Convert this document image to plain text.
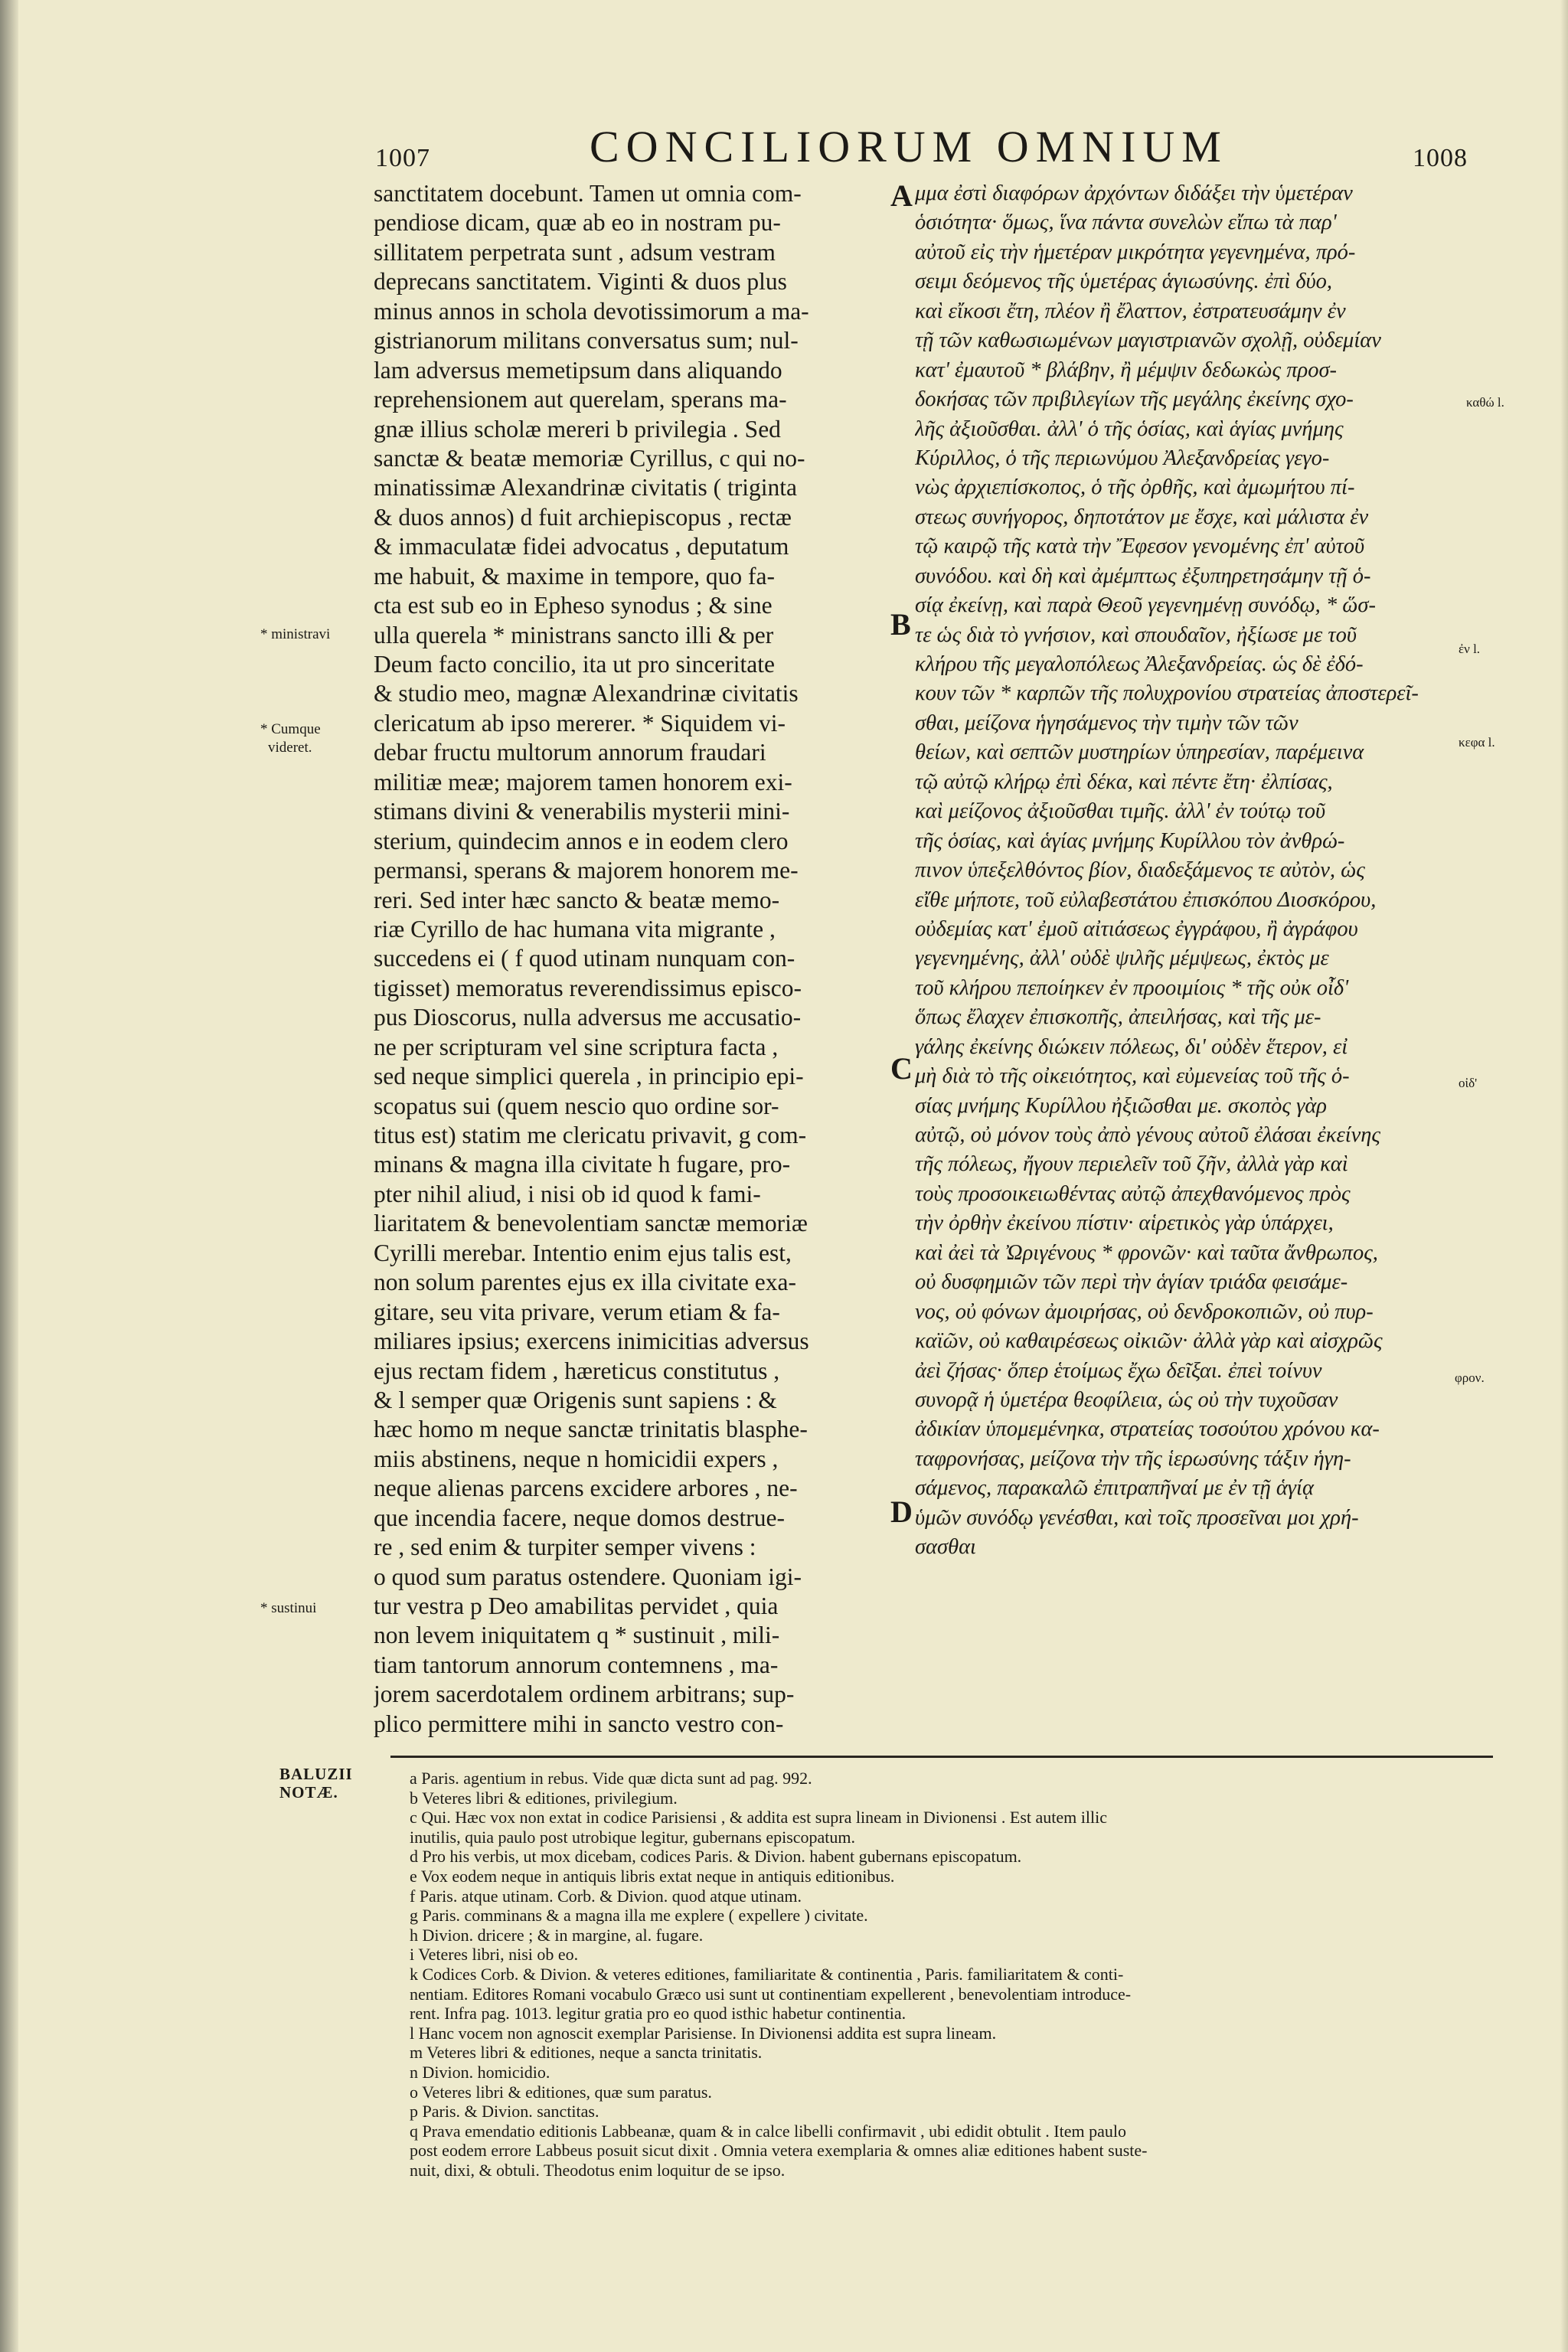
1007	CONCILIORUM OMNIUM	1008
sanctitatem docebunt. Tamen ut omnia com-
pendiose dicam, quæ ab eo in nostram pu-
sillitatem perpetrata sunt , adsum vestram
deprecans sanctitatem. Viginti & duos plus
minus annos in schola devotissimorum a ma-
gistrianorum militans conversatus sum; nul-
lam adversus memetipsum dans aliquando
reprehensionem aut querelam, sperans ma-
gnæ illius scholæ mereri b privilegia . Sed
sanctæ & beatæ memoriæ Cyrillus, c qui no-
minatissimæ Alexandrinæ civitatis ( triginta
& duos annos) d fuit archiepiscopus , rectæ
& immaculatæ fidei advocatus , deputatum
me habuit, & maxime in tempore, quo fa-
cta est sub eo in Epheso synodus ; & sine
ulla querela * ministrans sancto illi & per
Deum facto concilio, ita ut pro sinceritate
& studio meo, magnæ Alexandrinæ civitatis
clericatum ab ipso mererer. * Siquidem vi-
debar fructu multorum annorum fraudari
militiæ meæ; majorem tamen honorem exi-
stimans divini & venerabilis mysterii mini-
sterium, quindecim annos e in eodem clero
permansi, sperans & majorem honorem me-
reri. Sed inter hæc sancto & beatæ memo-
riæ Cyrillo de hac humana vita migrante ,
succedens ei ( f quod utinam nunquam con-
tigisset) memoratus reverendissimus episco-
pus Dioscorus, nulla adversus me accusatio-
ne per scripturam vel sine scriptura facta ,
sed neque simplici querela , in principio epi-
scopatus sui (quem nescio quo ordine sor-
titus est) statim me clericatu privavit, g com-
minans & magna illa civitate h fugare, pro-
pter nihil aliud, i nisi ob id quod k fami-
liaritatem & benevolentiam sanctæ memoriæ
Cyrilli merebar. Intentio enim ejus talis est,
non solum parentes ejus ex illa civitate exa-
gitare, seu vita privare, verum etiam & fa-
miliares ipsius; exercens inimicitias adversus
ejus rectam fidem , hæreticus constitutus ,
& l semper quæ Origenis sunt sapiens : &
hæc homo m neque sanctæ trinitatis blasphe-
miis abstinens, neque n homicidii expers ,
neque alienas parcens excidere arbores , ne-
que incendia facere, neque domos destrue-
re , sed enim & turpiter semper vivens :
o quod sum paratus ostendere. Quoniam igi-
tur vestra p Deo amabilitas pervidet , quia
non levem iniquitatem q * sustinuit , mili-
tiam tantorum annorum contemnens , ma-
jorem sacerdotalem ordinem arbitrans; sup-
plico permittere mihi in sancto vestro con-
μμα ἐστὶ διαφόρων ἀρχόντων διδάξει τὴν ὑμετέραν
ὁσιότητα· ὅμως, ἵνα πάντα συνελὼν εἴπω τὰ παρ'
αὐτοῦ εἰς τὴν ἡμετέραν μικρότητα γεγενημένα, πρό-
σειμι δεόμενος τῆς ὑμετέρας ἁγιωσύνης. ἐπὶ δύο,
καὶ εἴκοσι ἔτη, πλέον ἢ ἔλαττον, ἐστρατευσάμην ἐν
τῇ τῶν καθωσιωμένων μαγιστριανῶν σχολῇ, οὐδεμίαν
κατ' ἐμαυτοῦ * βλάβην, ἢ μέμψιν δεδωκὼς προσ-
δοκήσας τῶν πριβιλεγίων τῆς μεγάλης ἐκείνης σχο-
λῆς ἀξιοῦσθαι. ἀλλ' ὁ τῆς ὁσίας, καὶ ἁγίας μνήμης
Κύριλλος, ὁ τῆς περιωνύμου Ἀλεξανδρείας γεγο-
νὼς ἀρχιεπίσκοπος, ὁ τῆς ὀρθῆς, καὶ ἀμωμήτου πί-
στεως συνήγορος, δηποτάτον με ἔσχε, καὶ μάλιστα ἐν
τῷ καιρῷ τῆς κατὰ τὴν Ἔφεσον γενομένης ἐπ' αὐτοῦ
συνόδου. καὶ δὴ καὶ ἀμέμπτως ἐξυπηρετησάμην τῇ ὁ-
σίᾳ ἐκείνῃ, καὶ παρὰ Θεοῦ γεγενημένῃ συνόδῳ, * ὥσ-
τε ὡς διὰ τὸ γνήσιον, καὶ σπουδαῖον, ἠξίωσε με τοῦ
κλήρου τῆς μεγαλοπόλεως Ἀλεξανδρείας. ὡς δὲ ἐδό-
κουν τῶν * καρπῶν τῆς πολυχρονίου στρατείας ἀποστερεῖ-
σθαι, μείζονα ἡγησάμενος τὴν τιμὴν τῶν τῶν
θείων, καὶ σεπτῶν μυστηρίων ὑπηρεσίαν, παρέμεινα
τῷ αὐτῷ κλήρῳ ἐπὶ δέκα, καὶ πέντε ἔτη· ἐλπίσας,
καὶ μείζονος ἀξιοῦσθαι τιμῆς. ἀλλ' ἐν τούτῳ τοῦ
τῆς ὁσίας, καὶ ἁγίας μνήμης Κυρίλλου τὸν ἀνθρώ-
πινον ὑπεξελθόντος βίον, διαδεξάμενος τε αὐτὸν, ὡς
εἴθε μήποτε, τοῦ εὐλαβεστάτου ἐπισκόπου Διοσκόρου,
οὐδεμίας κατ' ἐμοῦ αἰτιάσεως ἐγγράφου, ἢ ἀγράφου
γεγενημένης, ἀλλ' οὐδὲ ψιλῆς μέμψεως, ἐκτὸς με
τοῦ κλήρου πεποίηκεν ἐν προοιμίοις * τῆς οὐκ οἶδ'
ὅπως ἔλαχεν ἐπισκοπῆς, ἀπειλήσας, καὶ τῆς με-
γάλης ἐκείνης διώκειν πόλεως, δι' οὐδὲν ἕτερον, εἰ
μὴ διὰ τὸ τῆς οἰκειότητος, καὶ εὐμενείας τοῦ τῆς ὁ-
σίας μνήμης Κυρίλλου ἠξιῶσθαι με. σκοπὸς γὰρ
αὐτῷ, οὐ μόνον τοὺς ἀπὸ γένους αὐτοῦ ἐλάσαι ἐκείνης
τῆς πόλεως, ἤγουν περιελεῖν τοῦ ζῆν, ἀλλὰ γὰρ καὶ
τοὺς προσοικειωθέντας αὐτῷ ἀπεχθανόμενος πρὸς
τὴν ὀρθὴν ἐκείνου πίστιν· αἱρετικὸς γὰρ ὑπάρχει,
καὶ ἀεὶ τὰ Ὠριγένους * φρονῶν· καὶ ταῦτα ἄνθρωπος,
οὐ δυσφημιῶν τῶν περὶ τὴν ἁγίαν τριάδα φεισάμε-
νος, οὐ φόνων ἀμοιρήσας, οὐ δενδροκοπιῶν, οὐ πυρ-
καϊῶν, οὐ καθαιρέσεως οἰκιῶν· ἀλλὰ γὰρ καὶ αἰσχρῶς
ἀεὶ ζήσας· ὅπερ ἑτοίμως ἔχω δεῖξαι. ἐπεὶ τοίνυν
συνορᾷ ἡ ὑμετέρα θεοφίλεια, ὡς οὐ τὴν τυχοῦσαν
ἀδικίαν ὑπομεμένηκα, στρατείας τοσούτου χρόνου κα-
ταφρονήσας, μείζονα τὴν τῆς ἱερωσύνης τάξιν ἡγη-
σάμενος, παρακαλῶ ἐπιτραπῆναί με ἐν τῇ ἁγίᾳ
ὑμῶν συνόδῳ γενέσθαι, καὶ τοῖς προσεῖναι μοι χρή-
σασθαι
A
B
C
D
* ministravi
* Cumque
videret.
* sustinui
καθώ l.
ἐν l.
κεφα l.
οἰδ'
φρον.
BALUZII
NOTÆ.
a Paris. agentium in rebus. Vide quæ dicta sunt ad pag. 992.
b Veteres libri & editiones, privilegium.
c Qui. Hæc vox non extat in codice Parisiensi , & addita est supra lineam in Divionensi . Est autem illic
inutilis, quia paulo post utrobique legitur, gubernans episcopatum.
d Pro his verbis, ut mox dicebam, codices Paris. & Divion. habent gubernans episcopatum.
e Vox eodem neque in antiquis libris extat neque in antiquis editionibus.
f Paris. atque utinam. Corb. & Divion. quod atque utinam.
g Paris. comminans & a magna illa me explere ( expellere ) civitate.
h Divion. dricere ; & in margine, al. fugare.
i Veteres libri, nisi ob eo.
k Codices Corb. & Divion. & veteres editiones, familiaritate & continentia , Paris. familiaritatem & conti-
nentiam. Editores Romani vocabulo Græco usi sunt ut continentiam expellerent , benevolentiam introduce-
rent. Infra pag. 1013. legitur gratia pro eo quod isthic habetur continentia.
l Hanc vocem non agnoscit exemplar Parisiense. In Divionensi addita est supra lineam.
m Veteres libri & editiones, neque a sancta trinitatis.
n Divion. homicidio.
o Veteres libri & editiones, quæ sum paratus.
p Paris. & Divion. sanctitas.
q Prava emendatio editionis Labbeanæ, quam & in calce libelli confirmavit , ubi edidit obtulit . Item paulo
post eodem errore Labbeus posuit sicut dixit . Omnia vetera exemplaria & omnes aliæ editiones habent suste-
nuit, dixi, & obtuli. Theodotus enim loquitur de se ipso.
